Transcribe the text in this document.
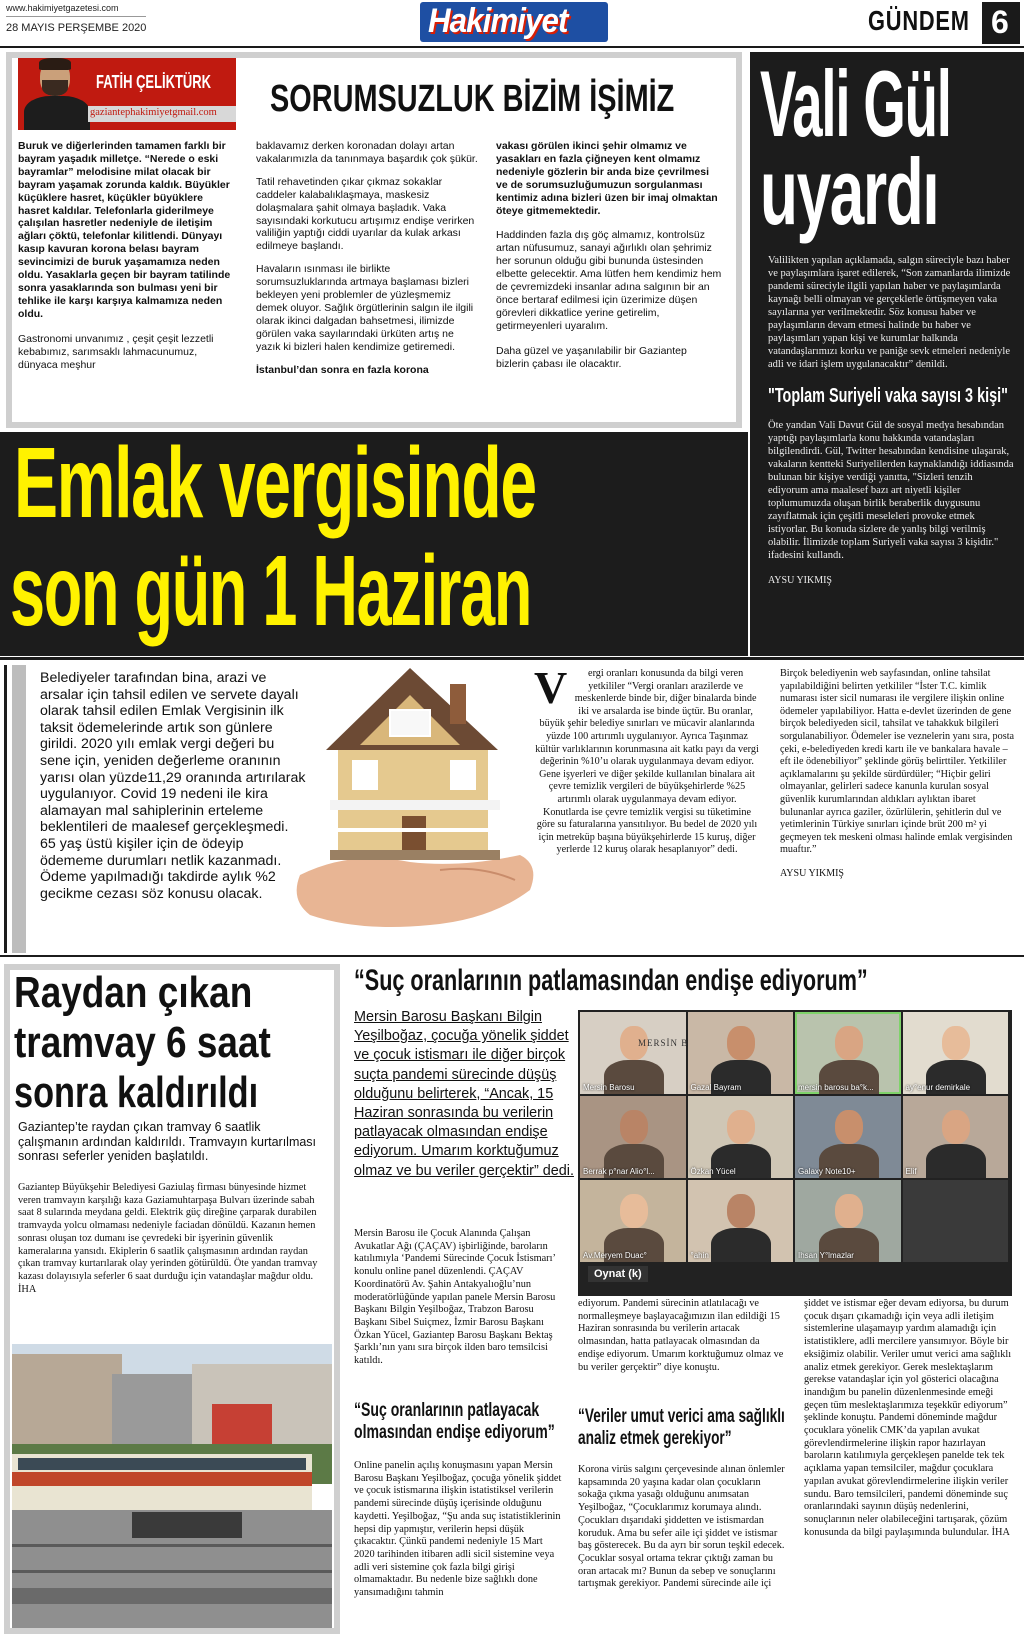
www.hakimiyetgazetesi.com
28 MAYIS PERŞEMBE 2020	Hakimiyet	GÜNDEM 6
FATİH ÇELİKTÜRK
gaziantephakimiyetgmail.com SORUMSUZLUK BİZİM İŞİMİZ

Buruk ve diğerlerinden tamamen farklı bir bayram yaşadık milletçe. “Nerede o eski bayramlar” melodisine milat olacak bir bayram yaşamak zorunda kaldık. Büyükler küçüklere hasret, küçükler büyüklere hasret kaldılar. Telefonlarla giderilmeye çalışılan hasretler nedeniyle de iletişim ağları çöktü, telefonlar kilitlendi. Dünyayı kasıp kavuran korona belası bayram sevincimizi de buruk yaşamamıza neden oldu. Yasaklarla geçen bir bayram tatilinde sonra yasaklarında son bulması yeni bir tehlike ile karşı karşıya kalmamıza neden oldu.

Gastronomi unvanımız , çeşit çeşit lezzetli kebabımız, sarımsaklı lahmacunumuz, dünyaca meşhur

baklavamız derken koronadan dolayı artan vakalarımızla da tanınmaya başardık çok şükür.

Tatil rehavetinden çıkar çıkmaz sokaklar caddeler kalabalıklaşmaya, maskesiz dolaşmalara şahit olmaya başladık. Vaka sayısındaki korkutucu artışımız endişe verirken valiliğin yaptığı ciddi uyarılar da kulak arkası edilmeye başlandı.

Havaların ısınması ile birlikte sorumsuzluklarında artmaya başlaması bizleri bekleyen yeni problemler de yüzleşmemiz demek oluyor. Sağlık örgütlerinin salgın ile ilgili olarak ikinci dalgadan bahsetmesi, ilimizde görülen vaka sayılarındaki ürküten artış ne yazık ki bizleri halen kendimize getiremedi.

İstanbul’dan sonra en fazla korona

vakası görülen ikinci şehir olmamız ve yasakları en fazla çiğneyen kent olmamız nedeniyle gözlerin bir anda bize çevrilmesi ve de sorumsuzluğumuzun sorgulanması kentimiz adına bizleri üzen bir imaj olmaktan öteye gitmemektedir.

Haddinden fazla dış göç almamız, kontrolsüz artan nüfusumuz, sanayi ağırlıklı olan şehrimiz her sorunun olduğu gibi bununda üstesinden elbette gelecektir. Ama lütfen hem kendimiz hem de çevremizdeki insanlar adına salgının bir an önce bertaraf edilmesi için üzerimize düşen görevleri dikkatlice yerine getirelim, getirmeyenleri uyaralım.

Daha güzel ve yaşanılabilir bir Gaziantep bizlerin çabası ile olacaktır.

Vali Gül
uyardı

Valilikten yapılan açıklamada, salgın süreciyle bazı haber ve paylaşımlara işaret edilerek, “Son zamanlarda ilimizde pandemi süreciyle ilgili yapılan haber ve paylaşımlarda kaynağı belli olmayan ve gerçeklerle örtüşmeyen vaka sayılarına yer verilmektedir. Söz konusu haber ve paylaşımların devam etmesi halinde bu haber ve paylaşımları yapan kişi ve kurumlar halkında vatandaşlarımızı korku ve paniğe sevk etmeleri nedeniyle adli ve idari işlem uygulanacaktır” denildi.

"Toplam Suriyeli vaka sayısı 3 kişi"

Öte yandan Vali Davut Gül de sosyal medya hesabından yaptığı paylaşımlarla konu hakkında vatandaşları bilgilendirdi. Gül, Twitter hesabından kendisine ulaşarak, vakaların kentteki Suriyelilerden kaynaklandığı iddiasında bulunan bir kişiye verdiği yanıtta, "Sizleri tenzih ediyorum ama maalesef bazı art niyetli kişiler toplumumuzda oluşan birlik beraberlik duygusunu zayıflatmak için çeşitli meseleleri provoke etmek istiyorlar. Bu konuda sizlere de yanlış bilgi verilmiş olabilir. İlimizde toplam Suriyeli vaka sayısı 3 kişidir." ifadesini kullandı.

AYSU YIKMIŞ

Emlak vergisinde
son gün 1 Haziran

Belediyeler tarafından bina, arazi ve arsalar için tahsil edilen ve servete dayalı olarak tahsil edilen Emlak Vergisinin ilk taksit ödemelerinde artık son günlere girildi. 2020 yılı emlak vergi değeri bu sene için, yeniden değerleme oranının yarısı olan yüzde11,29 oranında artırılarak uygulanıyor. Covid 19 nedeni ile kira alamayan mal sahiplerinin erteleme beklentileri de maalesef gerçekleşmedi. 65 yaş üstü kişiler için de ödeyip ödememe durumları netlik kazanmadı. Ödeme yapılmadığı takdirde aylık %2 gecikme cezası söz konusu olacak.

V	ergi oranları konusunda da bilgi veren yetkililer “Vergi oranları arazilerde ve meskenlerde binde bir, diğer binalarda binde iki ve arsalarda ise binde üçtür. Bu oranlar, büyük şehir belediye sınırları ve mücavir alanlarında yüzde 100 artırımlı uygulanıyor. Ayrıca Taşınmaz kültür varlıklarının korunmasına ait katkı payı da vergi değerinin %10’u olarak uygulanmaya devam ediyor. Gene işyerleri ve diğer şekilde kullanılan binalara ait çevre temizlik vergileri de büyükşehirlerde %25 artırımlı olarak uygulanmaya devam ediyor. Konutlarda ise çevre temizlik vergisi su tüketimine göre su faturalarına yansıtılıyor. Bu bedel de 2020 yılı için metreküp başına büyükşehirlerde 15 kuruş, diğer yerlerde 12 kuruş olarak hesaplanıyor” dedi.

Birçok belediyenin web sayfasından, online tahsilat yapılabildiğini belirten yetkililer “İster T.C. kimlik numarası ister sicil numarası ile vergilere ilişkin online ödemeler yapılabiliyor. Hatta e-devlet üzerinden de gene birçok belediyeden sicil, tahsilat ve tahakkuk bilgileri sorgulanabiliyor. Ödemeler ise veznelerin yanı sıra, posta çeki, e-belediyeden kredi kartı ile ve bankalara havale – eft ile ödenebiliyor” şeklinde görüş belirttiler. Yetkililer açıklamalarını şu şekilde sürdürdüler; “Hiçbir geliri olmayanlar, gelirleri sadece kanunla kurulan sosyal güvenlik kurumlarından aldıkları aylıktan ibaret bulunanlar ayrıca gaziler, özürlülerin, şehitlerin dul ve yetimlerinin Türkiye sınırları içinde brüt 200 m² yi geçmeyen tek meskeni olması halinde emlak vergisinden muaftır.”

AYSU YIKMIŞ

Raydan çıkan
tramvay 6 saat
sonra kaldırıldı

Gaziantep’te raydan çıkan tramvay 6 saatlik çalışmanın ardından kaldırıldı. Tramvayın kurtarılması sonrası seferler yeniden başlatıldı.

Gaziantep Büyükşehir Belediyesi Gaziulaş firması bünyesinde hizmet veren tramvayın karşılığı kaza Gaziamuhtarpaşa Bulvarı üzerinde sabah saat 8 sularında meydana geldi. Elektrik güç direğine çarparak durabilen tramvayda yolcu olmaması nedeniyle faciadan dönüldü. Kazanın hemen sonrası oluşan toz dumanı ise çevredeki bir işyerinin güvenlik kameralarına yansıdı. Ekiplerin 6 saatlik çalışmasının ardından raydan çıkan tramvay kurtarılarak olay yerinden götürüldü. Öte yandan tramvay kazası dolayısıyla seferler 6 saat durduğu için vatandaşlar mağdur oldu. İHA

“Suç oranlarının patlamasından endişe ediyorum”

Mersin Barosu Başkanı Bilgin Yeşilboğaz, çocuğa yönelik şiddet ve çocuk istismarı ile diğer birçok suçta pandemi sürecinde düşüş olduğunu belirterek, “Ancak, 15 Haziran sonrasında bu verilerin patlayacak olmasından endişe ediyorum. Umarım korktuğumuz olmaz ve bu veriler gerçektir” dedi.

Mersin Barosu	Gazal Bayram	mersin barosu ba°k...	ay°enur demirkale
Berrak p°nar Alio°l...	Özkan Yücel	Galaxy Note10+	Elif
Av.Meryem Duac°	°ahin	Ihsan Y°lmazlar
Oynat (k)
MERSİN B

Mersin Barosu ile Çocuk Alanında Çalışan Avukatlar Ağı (ÇAÇAV) işbirliğinde, baroların katılımıyla ‘Pandemi Sürecinde Çocuk İstismarı’ konulu online panel düzenlendi. ÇAÇAV Koordinatörü Av. Şahin Antakyalıoğlu’nun moderatörlüğünde yapılan panele Mersin Barosu Başkanı Bilgin Yeşilboğaz, Trabzon Barosu Başkanı Sibel Suiçmez, İzmir Barosu Başkanı Özkan Yücel, Gaziantep Barosu Başkanı Bektaş Şarklı’nın yanı sıra birçok ilden baro temsilcisi katıldı.

“Suç oranlarının patlayacak olmasından endişe ediyorum”

Online panelin açılış konuşmasını yapan Mersin Barosu Başkanı Yeşilboğaz, çocuğa yönelik şiddet ve çocuk istismarına ilişkin istatistiksel verilerin pandemi sürecinde düşüş içerisinde olduğunu kaydetti. Yeşilboğaz, “Şu anda suç istatistiklerinin hepsi dip yapmıştır, verilerin hepsi düşük çıkacaktır. Çünkü pandemi nedeniyle 15 Mart 2020 tarihinden itibaren adli sicil sistemine veya adli veri sistemine çok fazla bilgi girişi olmamaktadır. Bu nedenle bize sağlıklı done yansımadığını tahmin

ediyorum. Pandemi sürecinin atlatılacağı ve normalleşmeye başlayacağımızın ilan edildiği 15 Haziran sonrasında bu verilerin artacak olmasından, hatta patlayacak olmasından da endişe ediyorum. Umarım korktuğumuz olmaz ve bu veriler gerçektir” diye konuştu.

“Veriler umut verici ama sağlıklı analiz etmek gerekiyor”

Korona virüs salgını çerçevesinde alınan önlemler kapsamında 20 yaşına kadar olan çocukların sokağa çıkma yasağı olduğunu anımsatan Yeşilboğaz, “Çocuklarımız korumaya alındı. Çocukları dışarıdaki şiddetten ve istismardan koruduk. Ama bu sefer aile içi şiddet ve istismar baş gösterecek. Bu da ayrı bir sorun teşkil edecek. Çocuklar sosyal ortama tekrar çıktığı zaman bu oran artacak mı? Bunun da sebep ve sonuçlarını tartışmak gerekiyor. Pandemi sürecinde aile içi

şiddet ve istismar eğer devam ediyorsa, bu durum çocuk dışarı çıkamadığı için veya adli iletişim sistemlerine ulaşamayıp yardım alamadığı için istatistiklere, adli mercilere yansımıyor. Böyle bir eksiğimiz olabilir. Veriler umut verici ama sağlıklı analiz etmek gerekiyor. Gerek meslektaşlarım gerekse vatandaşlar için yol gösterici olacağına inandığım bu panelin düzenlenmesinde emeği geçen tüm meslektaşlarımıza teşekkür ediyorum” şeklinde konuştu. Pandemi döneminde mağdur çocuklara yönelik CMK’da yapılan avukat görevlendirmelerine ilişkin rapor hazırlayan baroların katılımıyla gerçekleşen panelde tek tek açıklama yapan temsilciler, mağdur çocuklara yapılan avukat görevlendirmelerine ilişkin veriler sundu. Baro temsilcileri, pandemi döneminde suç oranlarındaki sayının düşüş nedenlerini, sonuçlarının neler olabileceğini tartışarak, çözüm konusunda da bilgi paylaşımında bulundular. İHA
